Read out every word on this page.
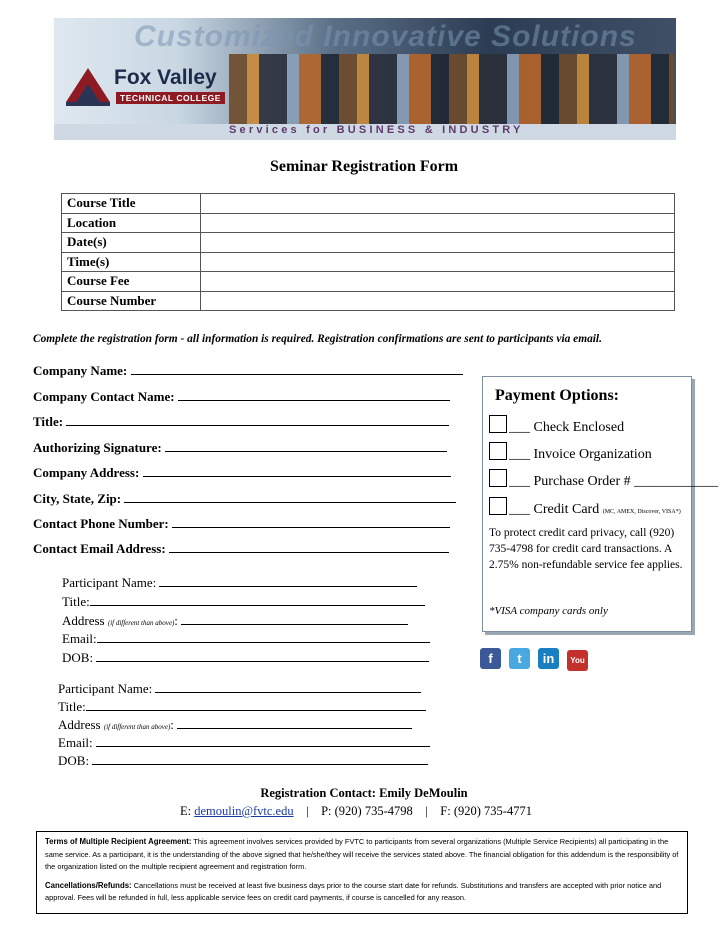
Customized Innovative Solutions
Fox Valley
TECHNICAL COLLEGE
Services for BUSINESS & INDUSTRY
Seminar Registration Form
Course Title	
Location	
Date(s)	
Time(s)	
Course Fee	
Course Number	
Complete the registration form - all information is required. Registration confirmations are sent to participants via email.
Company Name:
Company Contact Name:
Title:
Authorizing Signature:
Company Address:
City, State, Zip:
Contact Phone Number:
Contact Email Address:
Participant Name:
Title:
Address (if different than above):
Email:
DOB:
Participant Name:
Title:
Address (if different than above):
Email:
DOB:
Payment Options:
___ Check Enclosed
___ Invoice Organization
___ Purchase Order # ____________
___ Credit Card (MC, AMEX, Discover, VISA*)
To protect credit card privacy, call (920) 735-4798 for credit card transactions. A 2.75% non-refundable service fee applies.
*VISA company cards only
f t in You
Registration Contact: Emily DeMoulin
E: demoulin@fvtc.edu | P: (920) 735-4798 | F: (920) 735-4771
Terms of Multiple Recipient Agreement: This agreement involves services provided by FVTC to participants from several organizations (Multiple Service Recipients) all participating in the same service. As a participant, it is the understanding of the above signed that he/she/they will receive the services stated above. The financial obligation for this addendum is the responsibility of the organization listed on the multiple recipient agreement and registration form.
Cancellations/Refunds: Cancellations must be received at least five business days prior to the course start date for refunds. Substitutions and transfers are accepted with prior notice and approval. Fees will be refunded in full, less applicable service fees on credit card payments, if course is cancelled for any reason.
